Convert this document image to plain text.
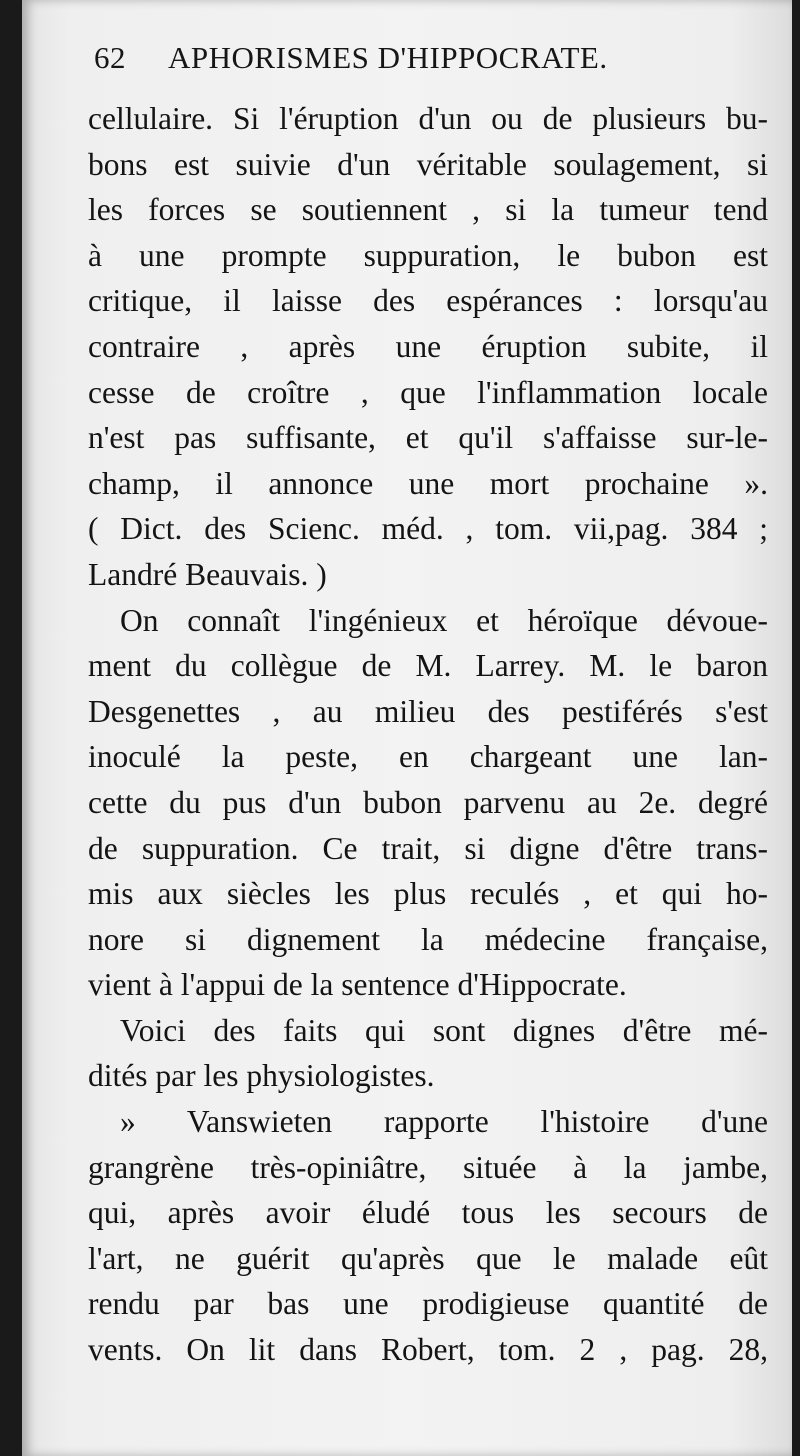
62 APHORISMES D'HIPPOCRATE.
cellulaire. Si l'éruption d'un ou de plusieurs bu-
bons est suivie d'un véritable soulagement, si
les forces se soutiennent , si la tumeur tend
à une prompte suppuration, le bubon est
critique, il laisse des espérances : lorsqu'au
contraire , après une éruption subite, il
cesse de croître , que l'inflammation locale
n'est pas suffisante, et qu'il s'affaisse sur-le-
champ, il annonce une mort prochaine ».
( Dict. des Scienc. méd. , tom. vii,pag. 384 ;
Landré Beauvais. )
On connaît l'ingénieux et héroïque dévoue-
ment du collègue de M. Larrey. M. le baron
Desgenettes , au milieu des pestiférés s'est
inoculé la peste, en chargeant une lan-
cette du pus d'un bubon parvenu au 2e. degré
de suppuration. Ce trait, si digne d'être trans-
mis aux siècles les plus reculés , et qui ho-
nore si dignement la médecine française,
vient à l'appui de la sentence d'Hippocrate.
Voici des faits qui sont dignes d'être mé-
dités par les physiologistes.
» Vanswieten rapporte l'histoire d'une
grangrène très-opiniâtre, située à la jambe,
qui, après avoir éludé tous les secours de
l'art, ne guérit qu'après que le malade eût
rendu par bas une prodigieuse quantité de
vents. On lit dans Robert, tom. 2 , pag. 28,
